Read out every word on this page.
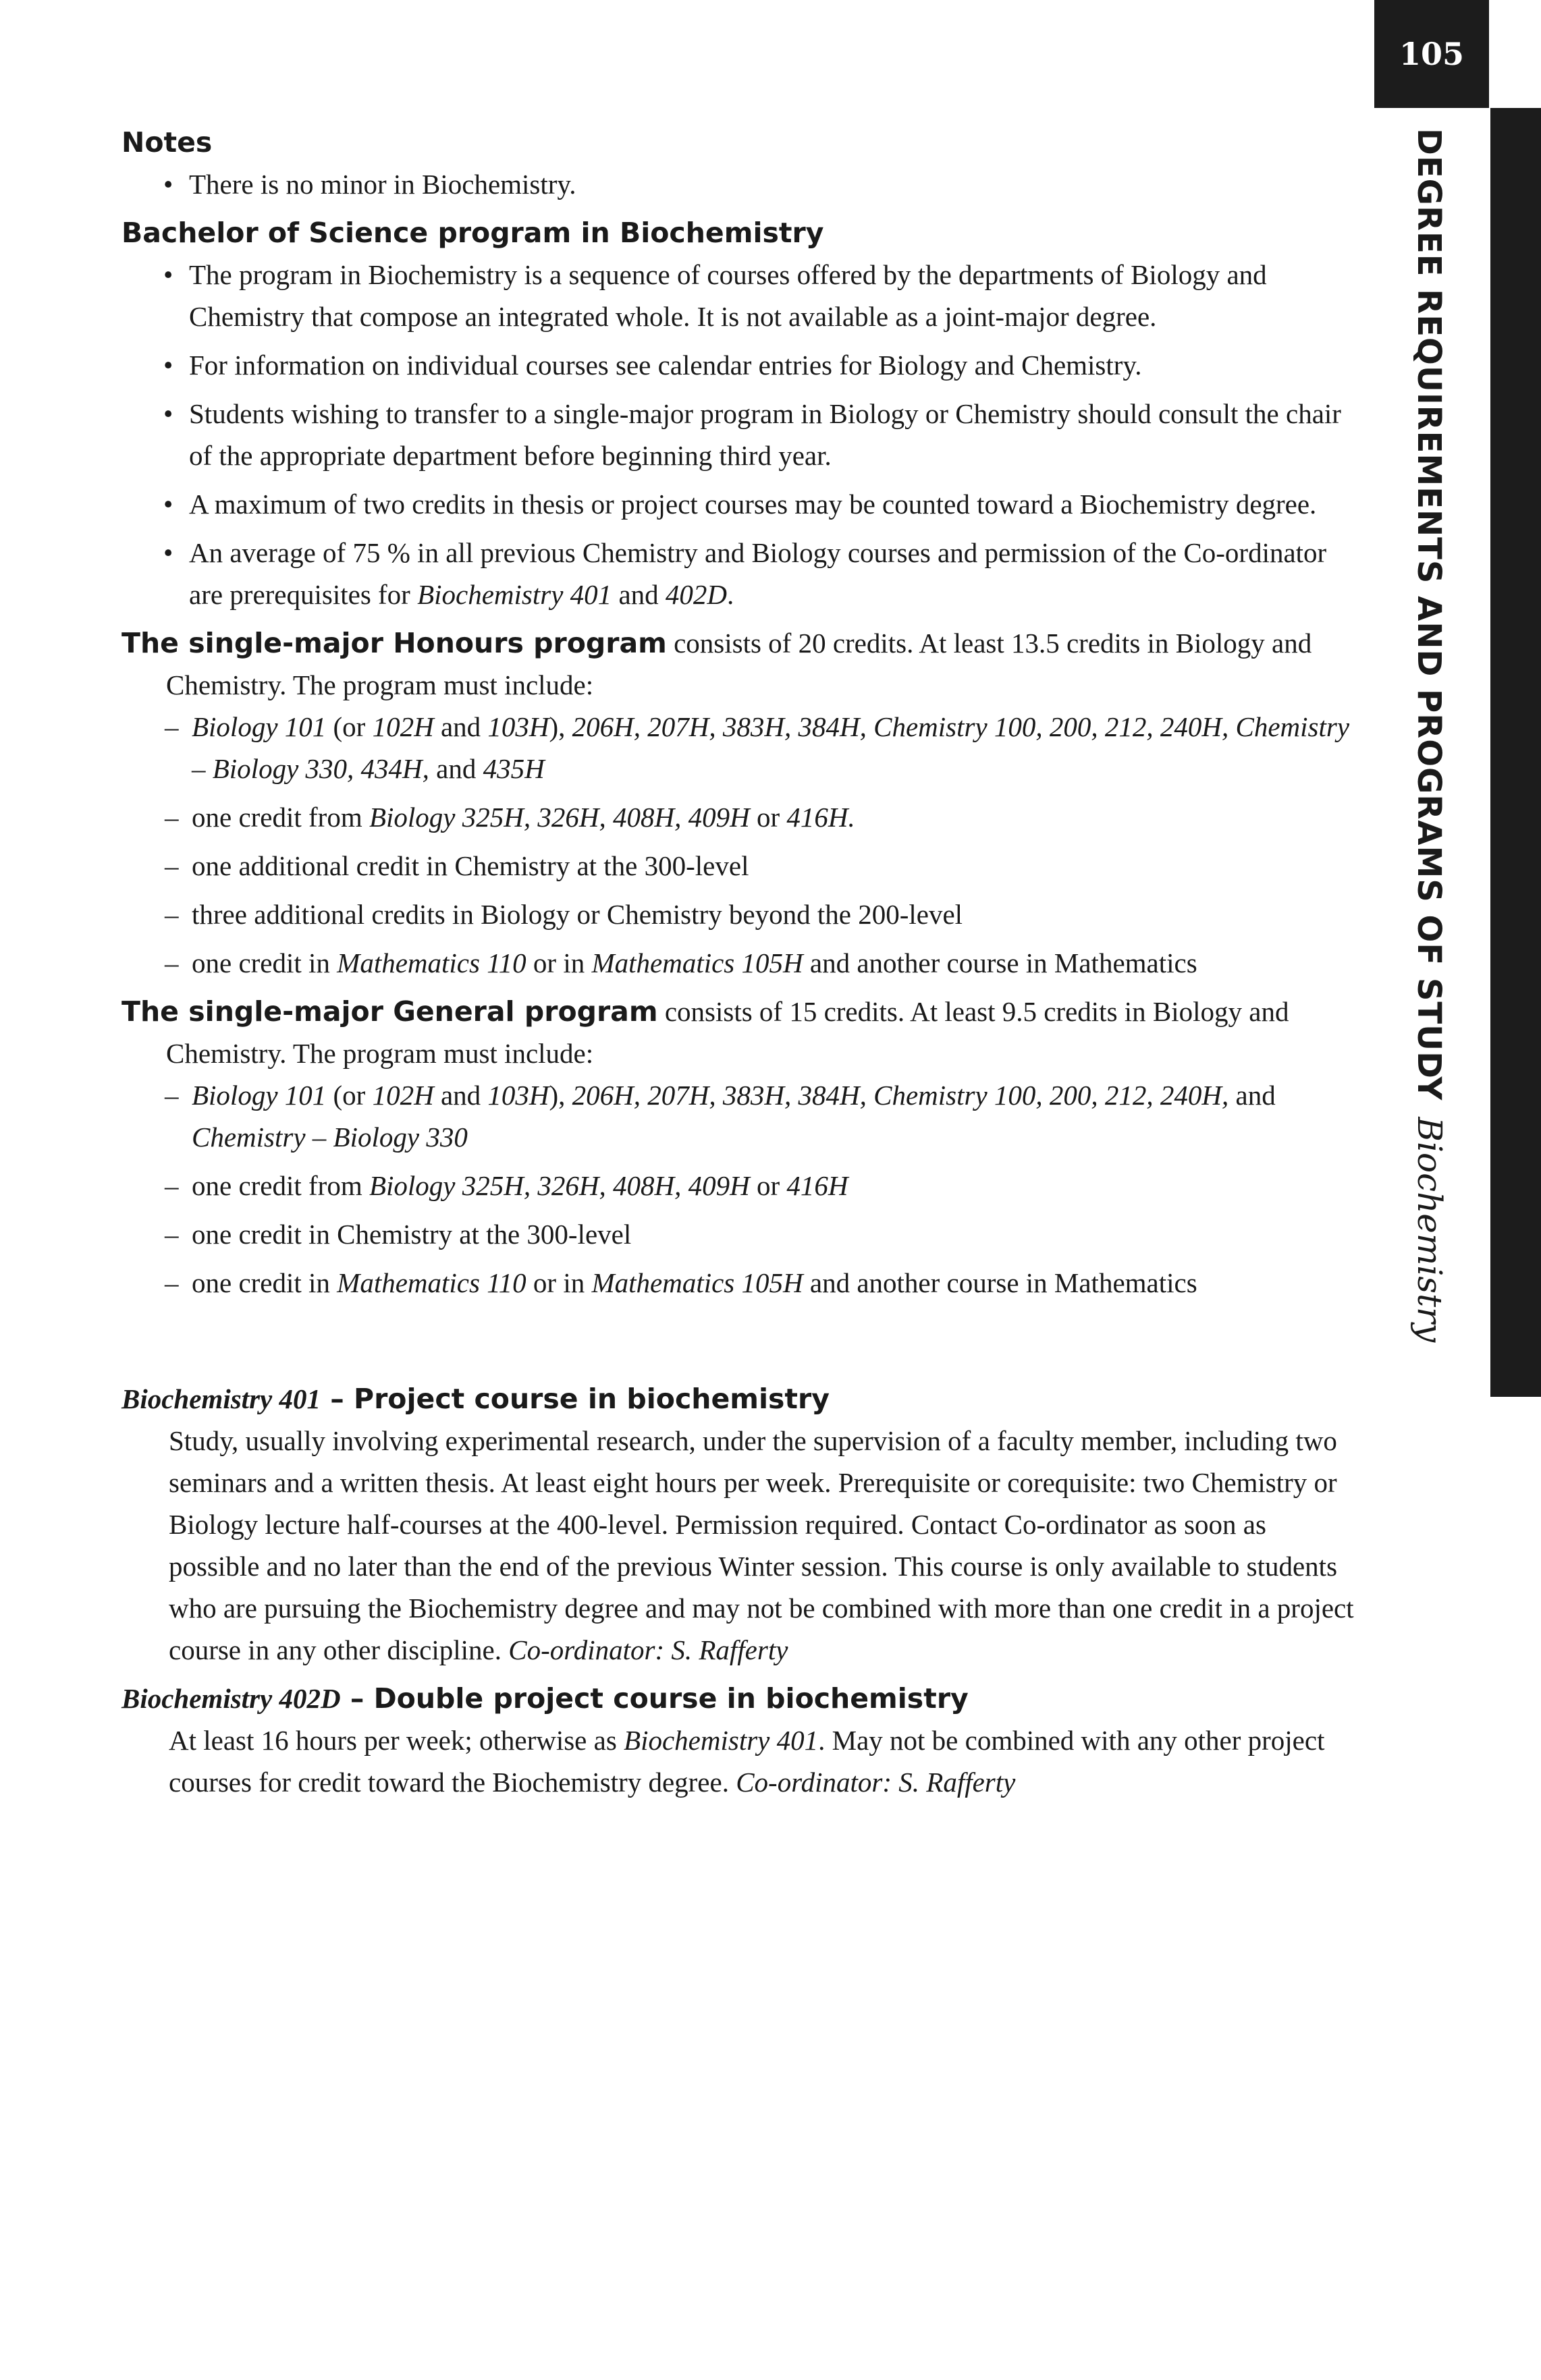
105
DEGREE REQUIREMENTS AND PROGRAMS OF STUDYBiochemistry

Notes

• There is no minor in Biochemistry.

Bachelor of Science program in Biochemistry

• The program in Biochemistry is a sequence of courses offered by the departments of Biology and Chemistry that compose an integrated whole. It is not available as a joint-major degree.
• For information on individual courses see calendar entries for Biology and Chemistry.
• Students wishing to transfer to a single-major program in Biology or Chemistry should consult the chair of the appropriate department before beginning third year.
• A maximum of two credits in thesis or project courses may be counted toward a Biochemistry degree.
• An average of 75 % in all previous Chemistry and Biology courses and permission of the Co-ordinator are prerequisites for Biochemistry 401 and 402D.

The single-major Honours program consists of 20 credits. At least 13.5 credits in Biology and Chemistry. The program must include:

– Biology 101 (or 102H and 103H), 206H, 207H, 383H, 384H, Chemistry 100, 200, 212, 240H, Chemistry – Biology 330, 434H, and 435H
– one credit from Biology 325H, 326H, 408H, 409H or 416H.
– one additional credit in Chemistry at the 300-level
– three additional credits in Biology or Chemistry beyond the 200-level
– one credit in Mathematics 110 or in Mathematics 105H and another course in Mathematics

The single-major General program consists of 15 credits. At least 9.5 credits in Biology and Chemistry. The program must include:

– Biology 101 (or 102H and 103H), 206H, 207H, 383H, 384H, Chemistry 100, 200, 212, 240H, and Chemistry – Biology 330
– one credit from Biology 325H, 326H, 408H, 409H or 416H
– one credit in Chemistry at the 300-level
– one credit in Mathematics 110 or in Mathematics 105H and another course in Mathematics

Biochemistry 401 – Project course in biochemistry

Study, usually involving experimental research, under the supervision of a faculty member, including two seminars and a written thesis. At least eight hours per week. Prerequisite or corequisite: two Chemistry or Biology lecture half-courses at the 400-level. Permission required. Contact Co-ordinator as soon as possible and no later than the end of the previous Winter session. This course is only available to students who are pursuing the Biochemistry degree and may not be combined with more than one credit in a project course in any other discipline. Co-ordinator: S. Rafferty

Biochemistry 402D – Double project course in biochemistry

At least 16 hours per week; otherwise as Biochemistry 401. May not be combined with any other project courses for credit toward the Biochemistry degree. Co-ordinator: S. Rafferty
